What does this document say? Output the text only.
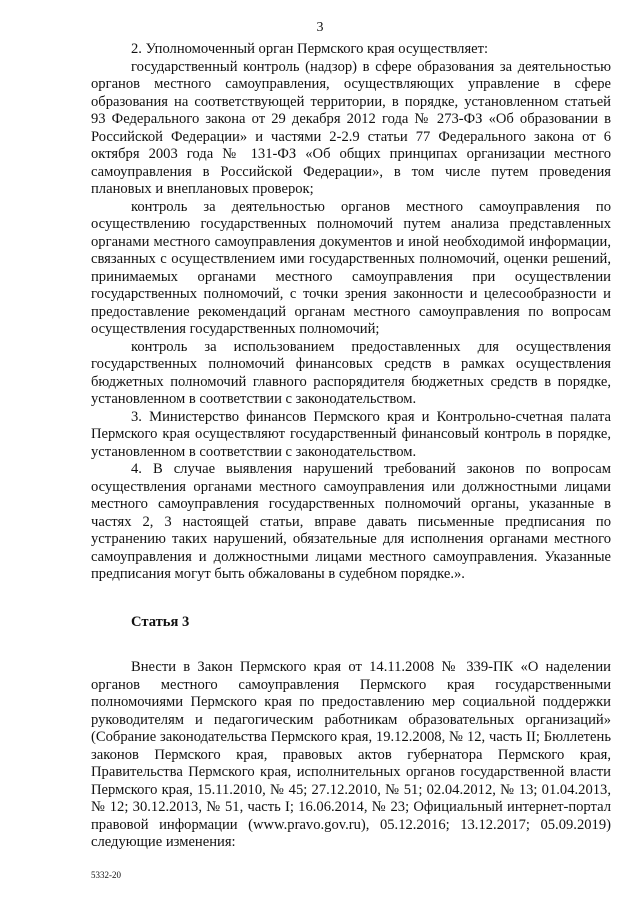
3

2. Уполномоченный орган Пермского края осуществляет:

государственный контроль (надзор) в сфере образования за деятельностью органов местного самоуправления, осуществляющих управление в сфере образования на соответствующей территории, в порядке, установленном статьей 93 Федерального закона от 29 декабря 2012 года № 273-ФЗ «Об образовании в Российской Федерации» и частями 2-2.9 статьи 77 Федерального закона от 6 октября 2003 года № 131-ФЗ «Об общих принципах организации местного самоуправления в Российской Федерации», в том числе путем проведения плановых и внеплановых проверок;

контроль за деятельностью органов местного самоуправления по осуществлению государственных полномочий путем анализа представленных органами местного самоуправления документов и иной необходимой информации, связанных с осуществлением ими государственных полномочий, оценки решений, принимаемых органами местного самоуправления при осуществлении государственных полномочий, с точки зрения законности и целесообразности и предоставление рекомендаций органам местного самоуправления по вопросам осуществления государственных полномочий;

контроль за использованием предоставленных для осуществления государственных полномочий финансовых средств в рамках осуществления бюджетных полномочий главного распорядителя бюджетных средств в порядке, установленном в соответствии с законодательством.

3. Министерство финансов Пермского края и Контрольно-счетная палата Пермского края осуществляют государственный финансовый контроль в порядке, установленном в соответствии с законодательством.

4. В случае выявления нарушений требований законов по вопросам осуществления органами местного самоуправления или должностными лицами местного самоуправления государственных полномочий органы, указанные в частях 2, 3 настоящей статьи, вправе давать письменные предписания по устранению таких нарушений, обязательные для исполнения органами местного самоуправления и должностными лицами местного самоуправления. Указанные предписания могут быть обжалованы в судебном порядке.».

Статья 3

Внести в Закон Пермского края от 14.11.2008 № 339-ПК «О наделении органов местного самоуправления Пермского края государственными полномочиями Пермского края по предоставлению мер социальной поддержки руководителям и педагогическим работникам образовательных организаций» (Собрание законодательства Пермского края, 19.12.2008, № 12, часть II; Бюллетень законов Пермского края, правовых актов губернатора Пермского края, Правительства Пермского края, исполнительных органов государственной власти Пермского края, 15.11.2010, № 45; 27.12.2010, № 51; 02.04.2012, № 13; 01.04.2013, № 12; 30.12.2013, № 51, часть I; 16.06.2014, № 23; Официальный интернет-портал правовой информации (www.pravo.gov.ru), 05.12.2016; 13.12.2017; 05.09.2019) следующие изменения:

5332-20
